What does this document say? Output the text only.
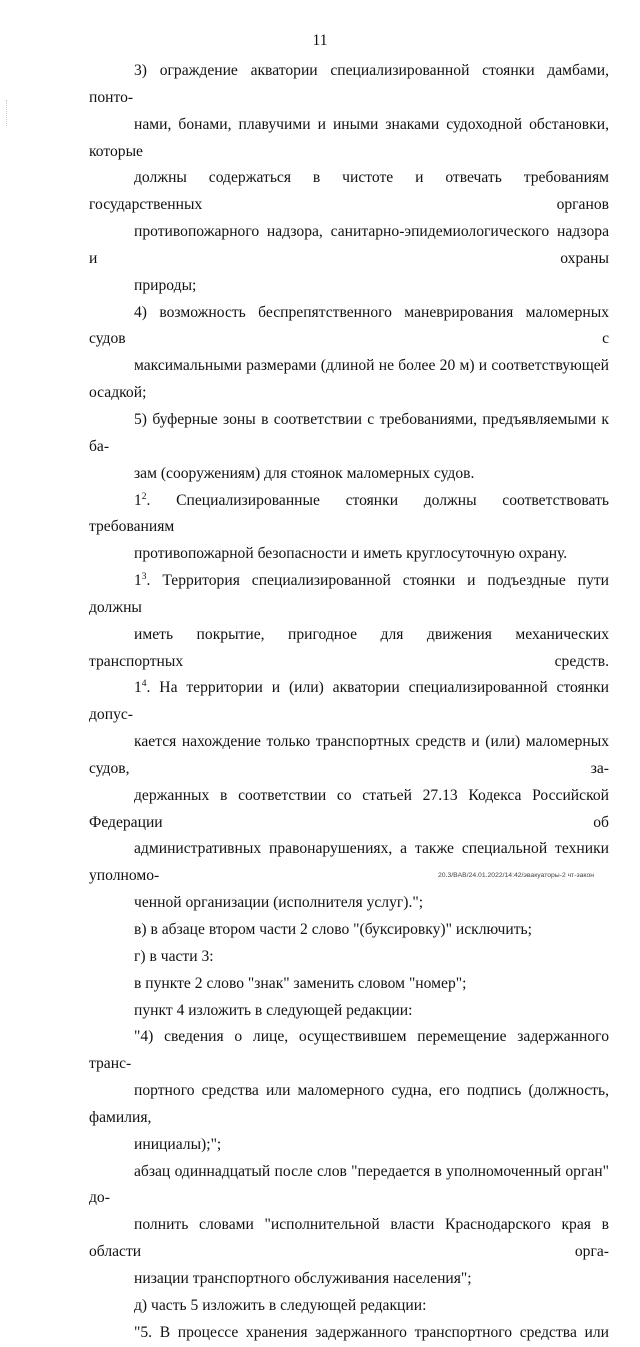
11

3) ограждение акватории специализированной стоянки дамбами, понто-
нами, бонами, плавучими и иными знаками судоходной обстановки, которые
должны содержаться в чистоте и отвечать требованиям государственных органов
противопожарного надзора, санитарно-эпидемиологического надзора и охраны
природы;

4) возможность беспрепятственного маневрирования маломерных судов с
максимальными размерами (длиной не более 20 м) и соответствующей осадкой;

5) буферные зоны в соответствии с требованиями, предъявляемыми к ба-
зам (сооружениям) для стоянок маломерных судов.

$1^2$. Специализированные стоянки должны соответствовать требованиям
противопожарной безопасности и иметь круглосуточную охрану.

$1^3$. Территория специализированной стоянки и подъездные пути должны
иметь покрытие, пригодное для движения механических транспортных средств.

$1^4$. На территории и (или) акватории специализированной стоянки допус-
кается нахождение только транспортных средств и (или) маломерных судов, за-
держанных в соответствии со статьей 27.13 Кодекса Российской Федерации об
административных правонарушениях, а также специальной техники уполномо-
ченной организации (исполнителя услуг).";

в) в абзаце втором части 2 слово "(буксировку)" исключить;

г) в части 3:

в пункте 2 слово "знак" заменить словом "номер";

пункт 4 изложить в следующей редакции:

"4) сведения о лице, осуществившем перемещение задержанного транс-
портного средства или маломерного судна, его подпись (должность, фамилия,
инициалы);";

абзац одиннадцатый после слов "передается в уполномоченный орган" до-
полнить словами "исполнительной власти Краснодарского края в области орга-
низации транспортного обслуживания населения";

д) часть 5 изложить в следующей редакции:

"5. В процессе хранения задержанного транспортного средства или

20.3/BAB/24.01.2022/14:42/эвакуаторы-2 чт-закон
